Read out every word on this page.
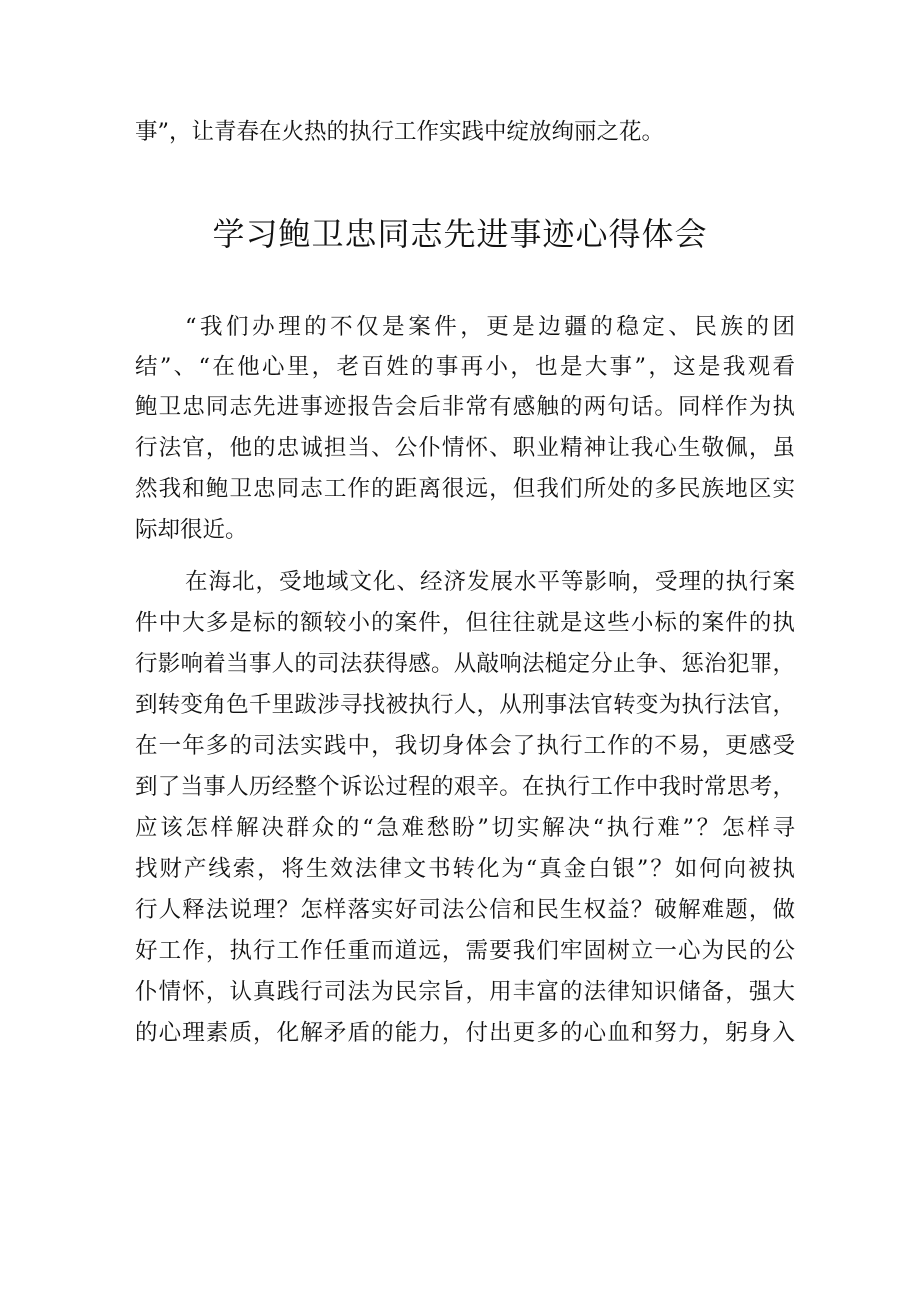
事”，让青春在火热的执行工作实践中绽放绚丽之花。
学习鲍卫忠同志先进事迹心得体会
“我们办理的不仅是案件，更是边疆的稳定、民族的团
结”、“在他心里，老百姓的事再小，也是大事”，这是我观看
鲍卫忠同志先进事迹报告会后非常有感触的两句话。同样作为执
行法官，他的忠诚担当、公仆情怀、职业精神让我心生敬佩，虽
然我和鲍卫忠同志工作的距离很远，但我们所处的多民族地区实
际却很近。
在海北，受地域文化、经济发展水平等影响，受理的执行案
件中大多是标的额较小的案件，但往往就是这些小标的案件的执
行影响着当事人的司法获得感。从敲响法槌定分止争、惩治犯罪，
到转变角色千里跋涉寻找被执行人，从刑事法官转变为执行法官，
在一年多的司法实践中，我切身体会了执行工作的不易，更感受
到了当事人历经整个诉讼过程的艰辛。在执行工作中我时常思考，
应该怎样解决群众的“急难愁盼”切实解决“执行难”？怎样寻
找财产线索，将生效法律文书转化为“真金白银”？如何向被执
行人释法说理？怎样落实好司法公信和民生权益？破解难题，做
好工作，执行工作任重而道远，需要我们牢固树立一心为民的公
仆情怀，认真践行司法为民宗旨，用丰富的法律知识储备，强大
的心理素质，化解矛盾的能力，付出更多的心血和努力，躬身入
